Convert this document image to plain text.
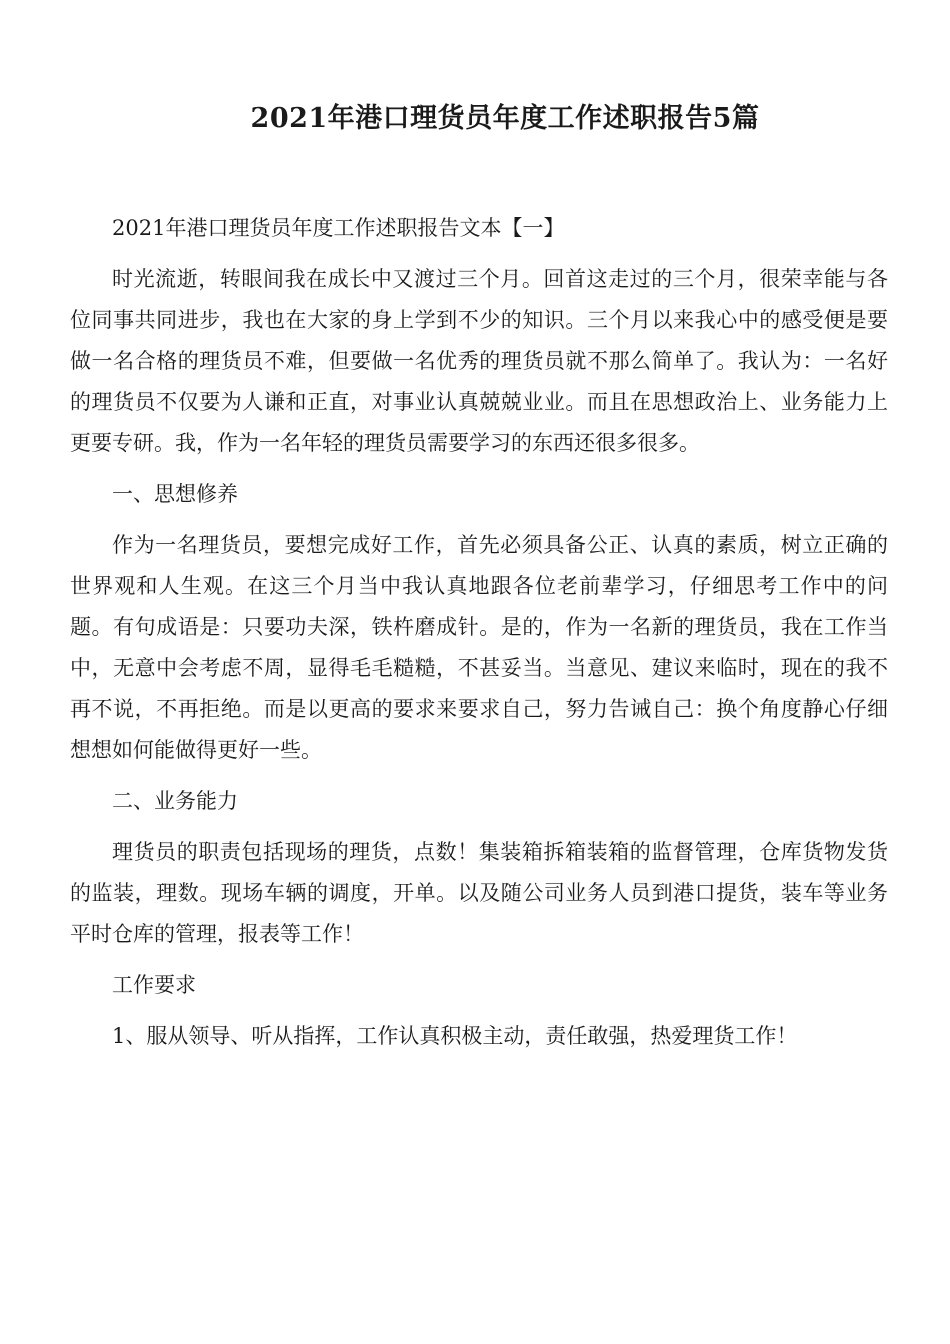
2021年港口理货员年度工作述职报告5篇

2021年港口理货员年度工作述职报告文本【一】

时光流逝，转眼间我在成长中又渡过三个月。回首这走过的三个月，很荣幸能与各位同事共同进步，我也在大家的身上学到不少的知识。三个月以来我心中的感受便是要做一名合格的理货员不难，但要做一名优秀的理货员就不那么简单了。我认为：一名好的理货员不仅要为人谦和正直，对事业认真兢兢业业。而且在思想政治上、业务能力上更要专研。我，作为一名年轻的理货员需要学习的东西还很多很多。

一、思想修养

作为一名理货员，要想完成好工作，首先必须具备公正、认真的素质，树立正确的世界观和人生观。在这三个月当中我认真地跟各位老前辈学习，仔细思考工作中的问题。有句成语是：只要功夫深，铁杵磨成针。是的，作为一名新的理货员，我在工作当中，无意中会考虑不周，显得毛毛糙糙，不甚妥当。当意见、建议来临时，现在的我不再不说，不再拒绝。而是以更高的要求来要求自己，努力告诫自己：换个角度静心仔细想想如何能做得更好一些。

二、业务能力

理货员的职责包括现场的理货，点数！集装箱拆箱装箱的监督管理，仓库货物发货的监装，理数。现场车辆的调度，开单。以及随公司业务人员到港口提货，装车等业务平时仓库的管理，报表等工作！

工作要求

1、服从领导、听从指挥，工作认真积极主动，责任敢强，热爱理货工作！
